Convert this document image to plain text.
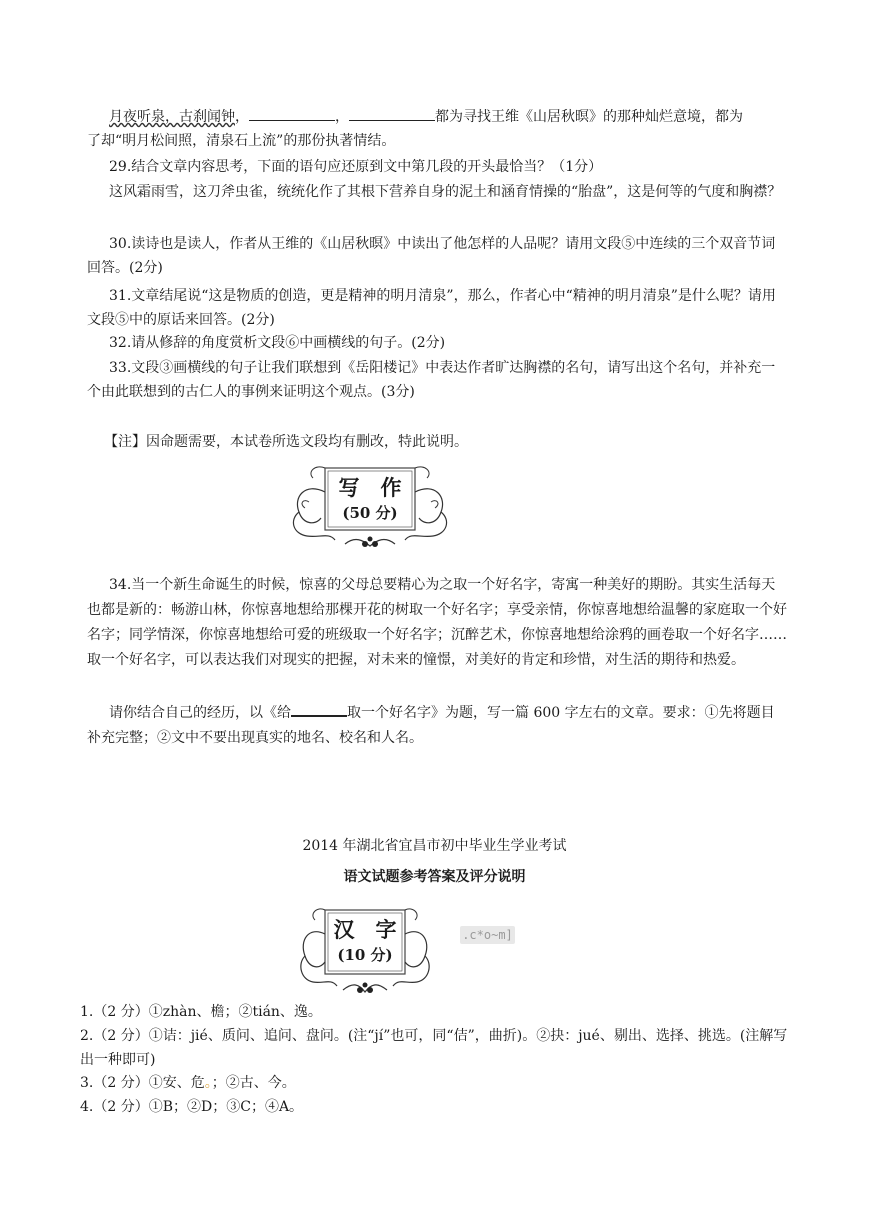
月夜听泉，古刹闻钟，	，	都为寻找王维《山居秋暝》的那种灿烂意境，都为
了却“明月松间照，清泉石上流”的那份执著情结。
29.结合文章内容思考，下面的语句应还原到文中第几段的开头最恰当？（1分）
这风霜雨雪，这刀斧虫雀，统统化作了其根下营养自身的泥土和涵育情操的“胎盘”，这是何等的气度和胸襟？
30.读诗也是读人，作者从王维的《山居秋暝》中读出了他怎样的人品呢？请用文段⑤中连续的三个双音节词回答。(2分)
31.文章结尾说“这是物质的创造，更是精神的明月清泉”，那么，作者心中“精神的明月清泉”是什么呢？请用文段⑤中的原话来回答。(2分)
32.请从修辞的角度赏析文段⑥中画横线的句子。(2分)
33.文段③画横线的句子让我们联想到《岳阳楼记》中表达作者旷达胸襟的名句，请写出这个名句，并补充一个由此联想到的古仁人的事例来证明这个观点。(3分)
【注】因命题需要，本试卷所选文段均有删改，特此说明。
写　作
(50 分)
34.当一个新生命诞生的时候，惊喜的父母总要精心为之取一个好名字，寄寓一种美好的期盼。其实生活每天也都是新的：畅游山林，你惊喜地想给那棵开花的树取一个好名字；享受亲情，你惊喜地想给温馨的家庭取一个好名字；同学情深，你惊喜地想给可爱的班级取一个好名字；沉醉艺术，你惊喜地想给涂鸦的画卷取一个好名字……取一个好名字，可以表达我们对现实的把握，对未来的憧憬，对美好的肯定和珍惜，对生活的期待和热爱。
请你结合自己的经历，以《给	取一个好名字》为题，写一篇 600 字左右的文章。要求：①先将题目补充完整；②文中不要出现真实的地名、校名和人名。
2014 年湖北省宜昌市初中毕业生学业考试
语文试题参考答案及评分说明
汉　字
(10 分)
.c*o~m]
1.（2 分）①zhàn、檐；②tián、逸。
2.（2 分）①诘：jié、质问、追问、盘问。(注“jí”也可，同“佶”，曲折)。②抉：jué、剔出、选择、挑选。(注解写出一种即可)
3.（2 分）①安、危。；②古、今。
4.（2 分）①B；②D；③C；④A。
